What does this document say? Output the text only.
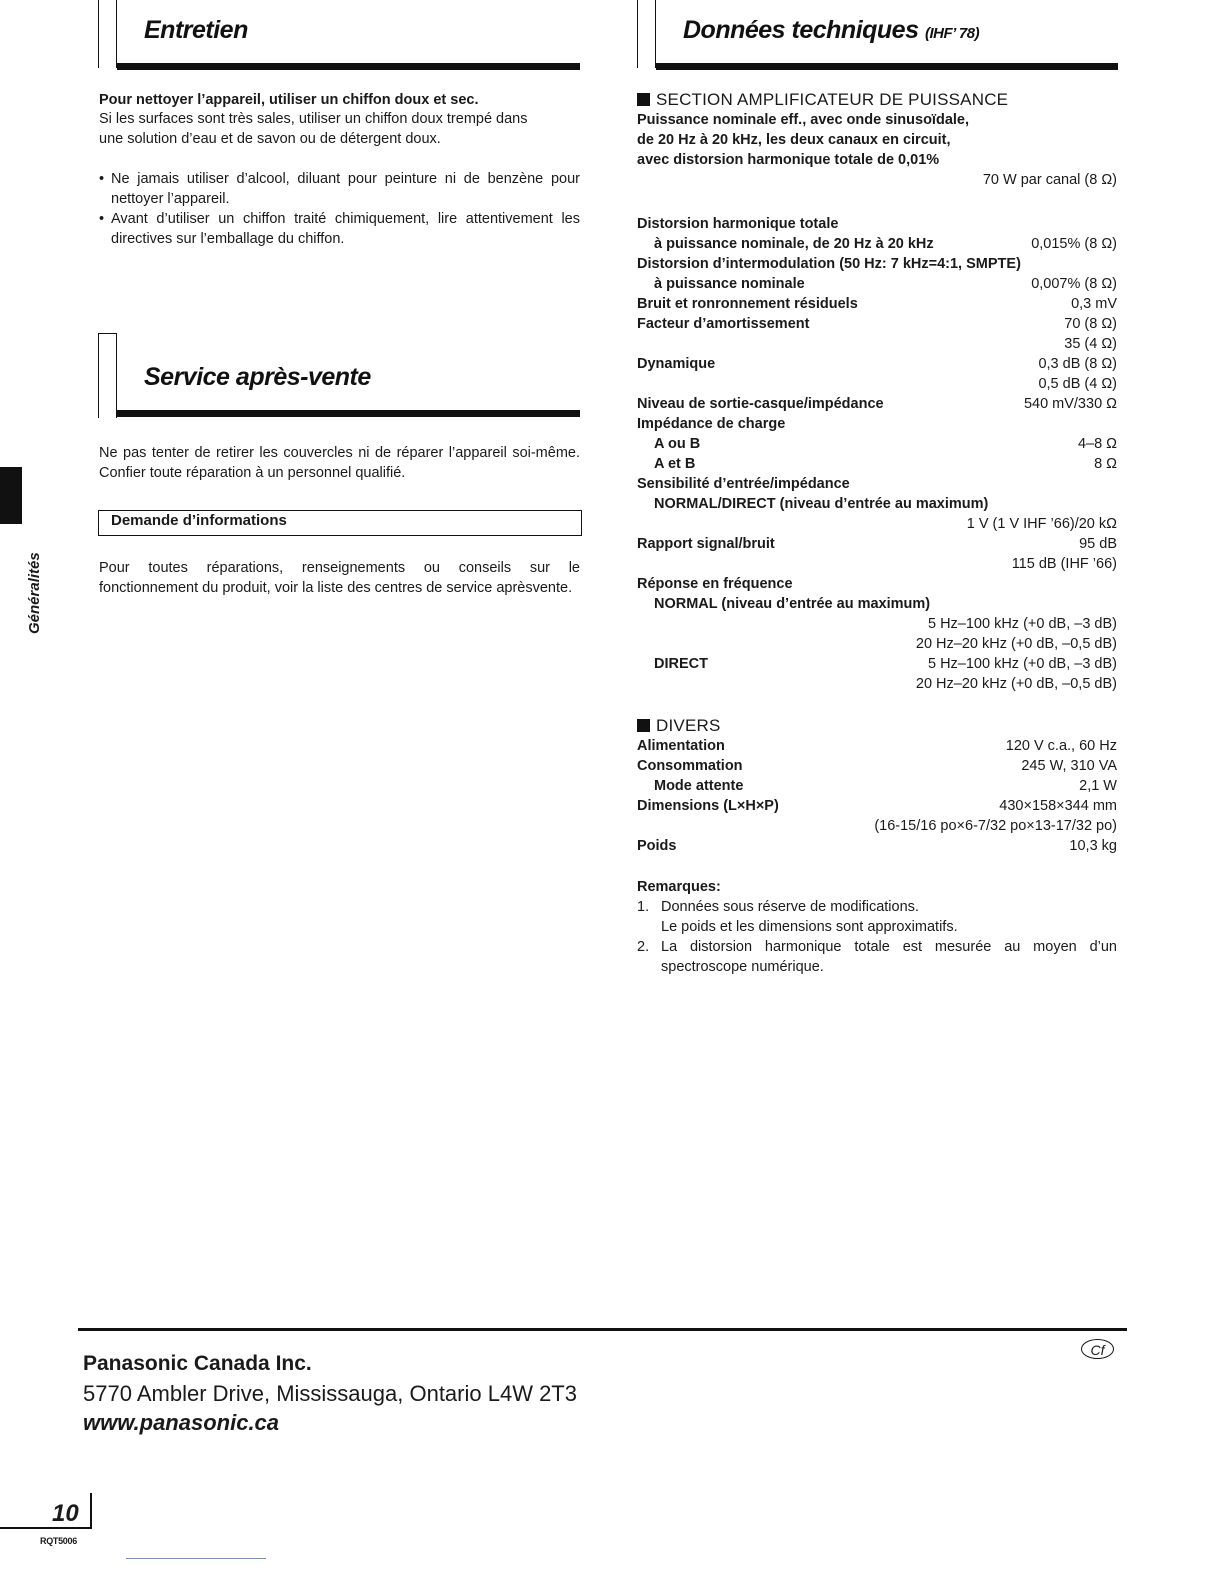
Entretien
Pour nettoyer l’appareil, utiliser un chiffon doux et sec.
Si les surfaces sont très sales, utiliser un chiffon doux trempé dans
une solution d’eau et de savon ou de détergent doux.
• Ne jamais utiliser d’alcool, diluant pour peinture ni de benzène pour nettoyer l’appareil.
• Avant d’utiliser un chiffon traité chimiquement, lire attentivement les directives sur l’emballage du chiffon.
Service après-vente
Ne pas tenter de retirer les couvercles ni de réparer l’appareil soi-même. Confier toute réparation à un personnel qualifié.
Demande d’informations
Pour toutes réparations, renseignements ou conseils sur le fonctionnement du produit, voir la liste des centres de service aprèsvente.
Généralités
Données techniques (IHF’ 78)
SECTION AMPLIFICATEUR DE PUISSANCE
Puissance nominale eff., avec onde sinusoïdale,
de 20 Hz à 20 kHz, les deux canaux en circuit,
avec distorsion harmonique totale de 0,01%
70 W par canal (8 Ω)
Distorsion harmonique totale
à puissance nominale, de 20 Hz à 20 kHz	0,015% (8 Ω)
Distorsion d’intermodulation (50 Hz: 7 kHz=4:1, SMPTE)
à puissance nominale	0,007% (8 Ω)
Bruit et ronronnement résiduels	0,3 mV
Facteur d’amortissement	70 (8 Ω)
35 (4 Ω)
Dynamique	0,3 dB (8 Ω)
0,5 dB (4 Ω)
Niveau de sortie-casque/impédance	540 mV/330 Ω
Impédance de charge
A ou B	4–8 Ω
A et B	8 Ω
Sensibilité d’entrée/impédance
NORMAL/DIRECT (niveau d’entrée au maximum)
1 V (1 V IHF ’66)/20 kΩ
Rapport signal/bruit	95 dB
115 dB (IHF ’66)
Réponse en fréquence
NORMAL (niveau d’entrée au maximum)
5 Hz–100 kHz (+0 dB, –3 dB)
20 Hz–20 kHz (+0 dB, –0,5 dB)
DIRECT	5 Hz–100 kHz (+0 dB, –3 dB)
20 Hz–20 kHz (+0 dB, –0,5 dB)
DIVERS
Alimentation	120 V c.a., 60 Hz
Consommation	245 W, 310 VA
Mode attente	2,1 W
Dimensions (L×H×P)	430×158×344 mm
(16-15/16 po×6-7/32 po×13-17/32 po)
Poids	10,3 kg
Remarques:
1. Données sous réserve de modifications.
Le poids et les dimensions sont approximatifs.
2. La distorsion harmonique totale est mesurée au moyen d’un
spectroscope numérique.
Cf
Panasonic Canada Inc.
5770 Ambler Drive, Mississauga, Ontario L4W 2T3
www.panasonic.ca
10
RQT5006
